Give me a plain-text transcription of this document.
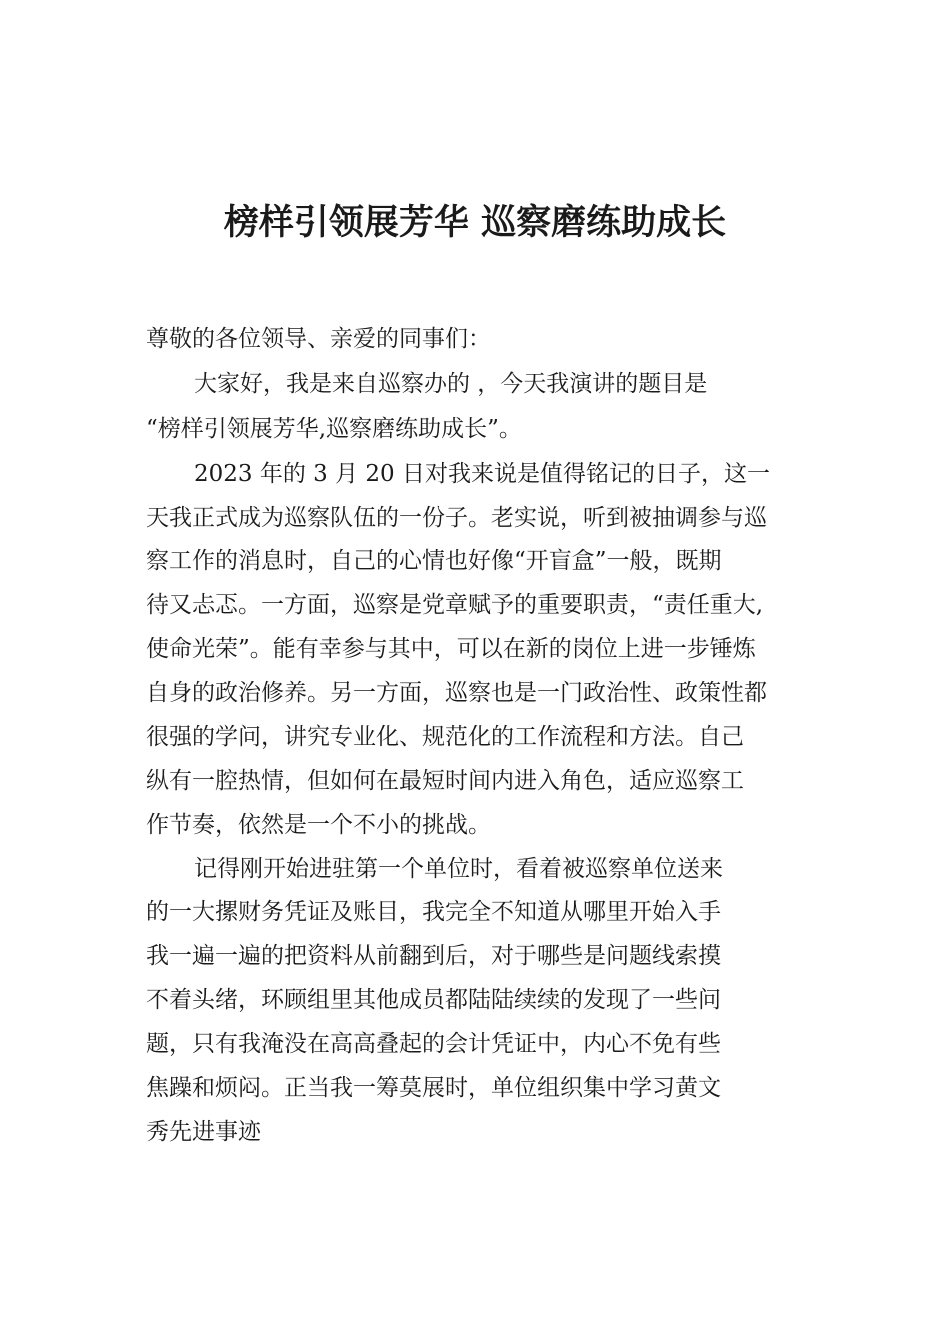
榜样引领展芳华 巡察磨练助成长

尊敬的各位领导、亲爱的同事们：

大家好，我是来自巡察办的 ，今天我演讲的题目是

“榜样引领展芳华,巡察磨练助成长”。

2023 年的 3 月 20 日对我来说是值得铭记的日子，这一

天我正式成为巡察队伍的一份子。老实说，听到被抽调参与巡

察工作的消息时，自己的心情也好像“开盲盒”一般，既期

待又忐忑。一方面，巡察是党章赋予的重要职责，“责任重大,

使命光荣”。能有幸参与其中，可以在新的岗位上进一步锤炼

自身的政治修养。另一方面，巡察也是一门政治性、政策性都

很强的学问，讲究专业化、规范化的工作流程和方法。自己

纵有一腔热情，但如何在最短时间内进入角色，适应巡察工

作节奏，依然是一个不小的挑战。

记得刚开始进驻第一个单位时，看着被巡察单位送来

的一大摞财务凭证及账目，我完全不知道从哪里开始入手

我一遍一遍的把资料从前翻到后，对于哪些是问题线索摸

不着头绪，环顾组里其他成员都陆陆续续的发现了一些问

题，只有我淹没在高高叠起的会计凭证中，内心不免有些

焦躁和烦闷。正当我一筹莫展时，单位组织集中学习黄文

秀先进事迹
